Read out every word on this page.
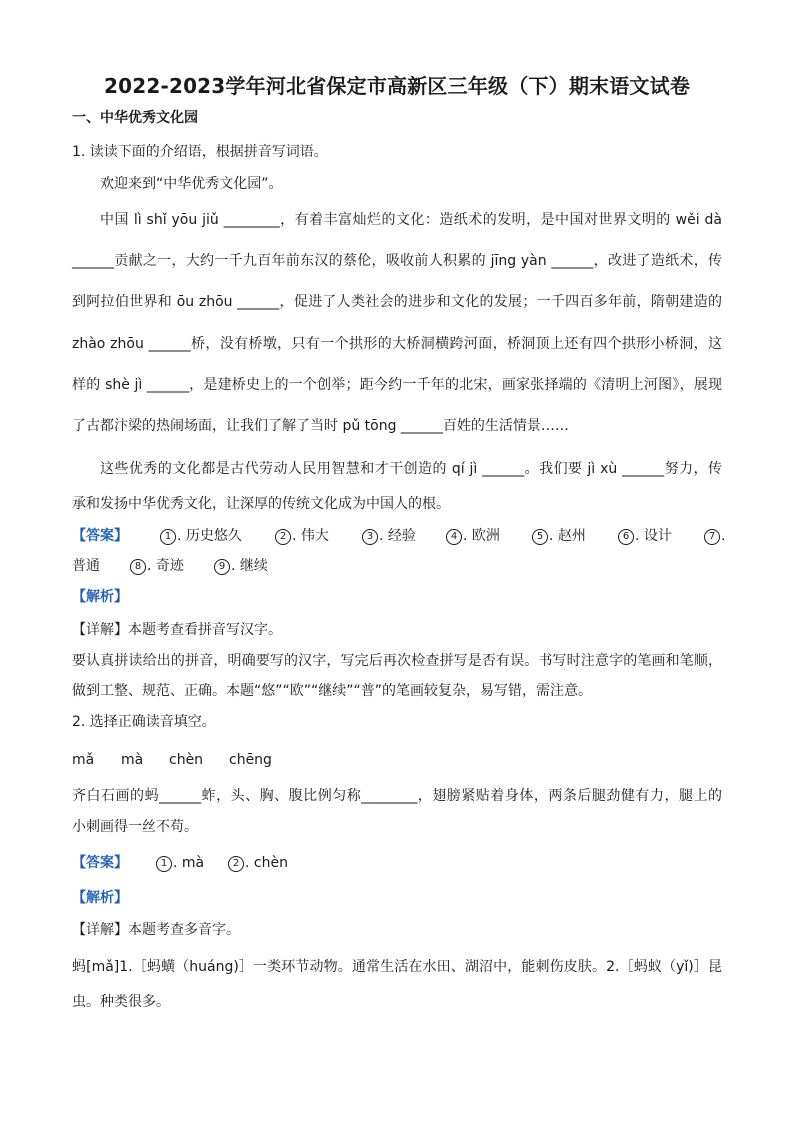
2022-2023学年河北省保定市高新区三年级（下）期末语文试卷
一、中华优秀文化园
1. 读读下面的介绍语，根据拼音写词语。
欢迎来到“中华优秀文化园”。
中国 lì shǐ yōu jiǔ ________，有着丰富灿烂的文化：造纸术的发明，是中国对世界文明的 wěi dà
______贡献之一，大约一千九百年前东汉的蔡伦，吸收前人积累的 jīng yàn ______，改进了造纸术，传
到阿拉伯世界和 ōu zhōu ______，促进了人类社会的进步和文化的发展；一千四百多年前，隋朝建造的
zhào zhōu ______桥，没有桥墩，只有一个拱形的大桥洞横跨河面，桥洞顶上还有四个拱形小桥洞，这
样的 shè jì ______，是建桥史上的一个创举；距今约一千年的北宋，画家张择端的《清明上河图》，展现
了古都汴梁的热闹场面，让我们了解了当时 pǔ tōng ______百姓的生活情景……
这些优秀的文化都是古代劳动人民用智慧和才干创造的 qí jì ______。我们要 jì xù ______努力，传
承和发扬中华优秀文化，让深厚的传统文化成为中国人的根。
【答案】	1 . 历史悠久	2 . 伟大	3 . 经验	4 . 欧洲	5 . 赵州	6 . 设计	7 .
普通	8 . 奇迹	9 . 继续
【解析】
【详解】本题考查看拼音写汉字。
要认真拼读给出的拼音，明确要写的汉字，写完后再次检查拼写是否有误。书写时注意字的笔画和笔顺，
做到工整、规范、正确。本题“悠”“欧”“继续”“普”的笔画较复杂，易写错，需注意。
2. 选择正确读音填空。
mǎ mà chèn chēng
齐白石画的蚂______蚱，头、胸、腹比例匀称________，翅膀紧贴着身体，两条后腿劲健有力，腿上的
小刺画得一丝不苟。
【答案】	1 . mà	2 . chèn
【解析】
【详解】本题考查多音字。
蚂[mǎ]1.［蚂蟥（huáng)］一类环节动物。通常生活在水田、湖沼中，能刺伤皮肤。2.［蚂蚁（yǐ)］昆
虫。种类很多。
